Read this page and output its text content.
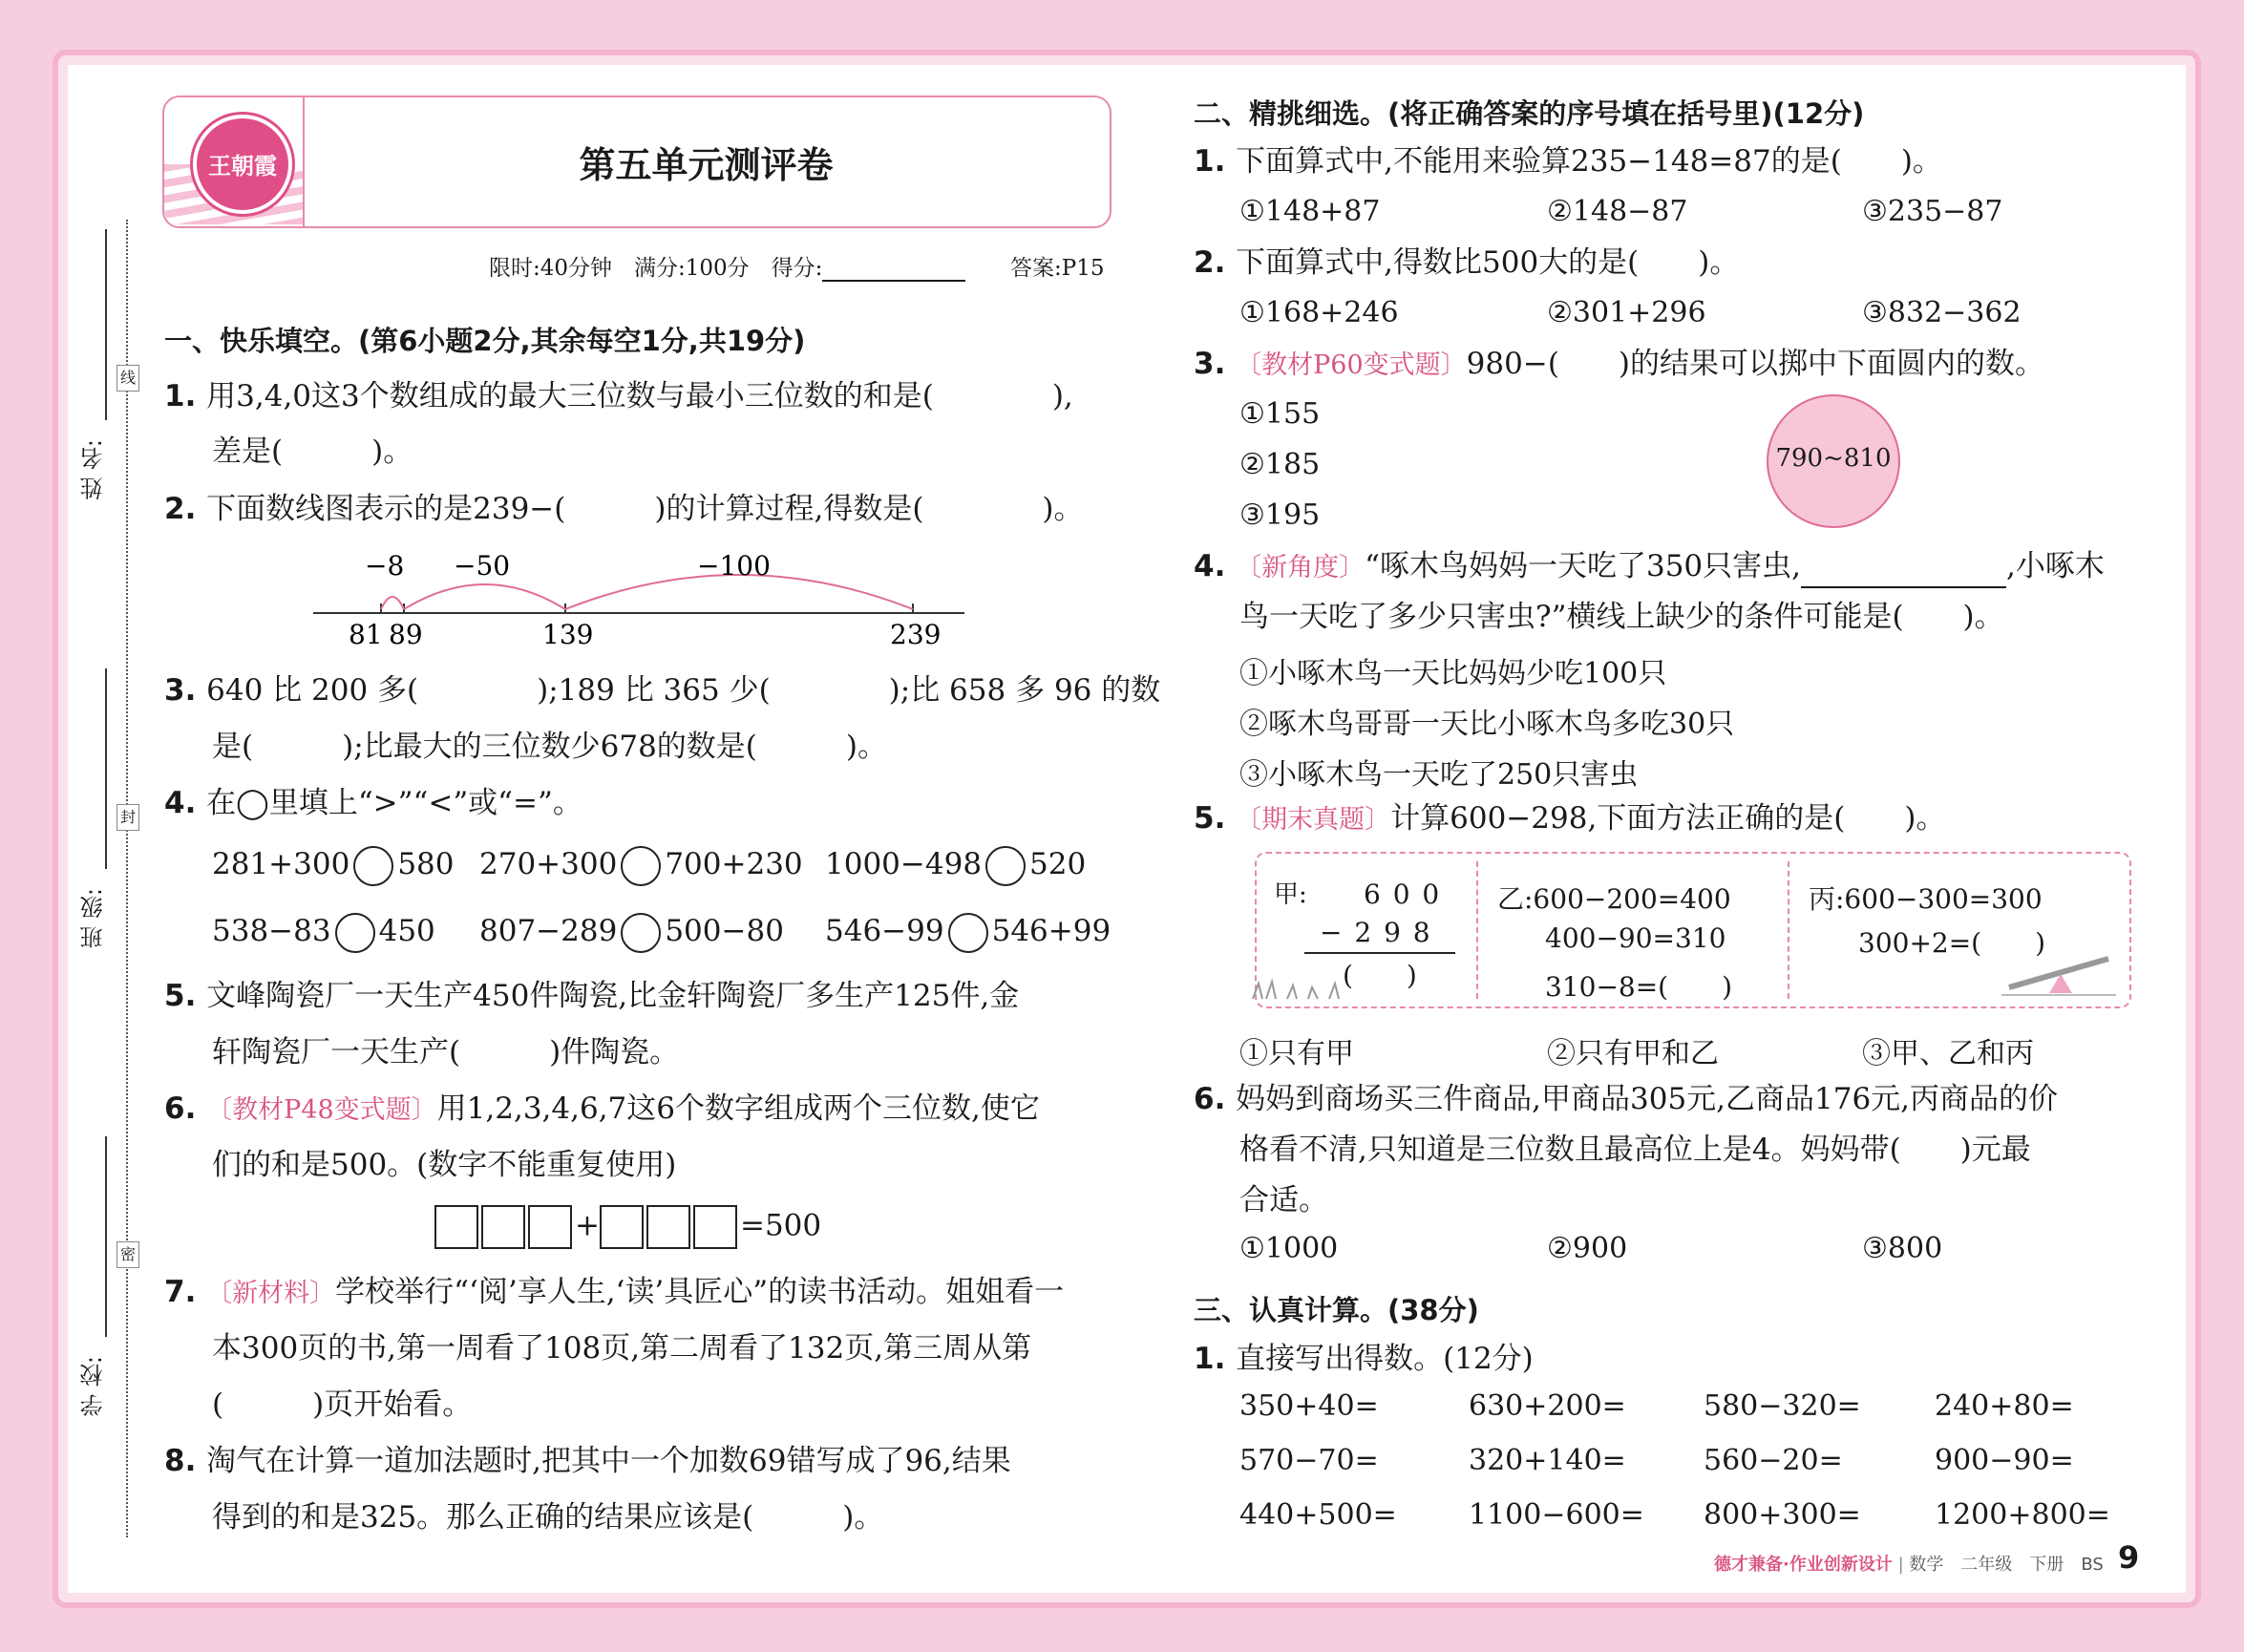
姓 名:
班 级:
学 校:
线
封
密
王朝霞	第五单元测评卷
限时:40分钟　满分:100分　得分:	答案:P15
一、快乐填空。(第6小题2分,其余每空1分,共19分)
1. 用3,4,0这3个数组成的最大三位数与最小三位数的和是(　　　　),
差是(　　　)。
2. 下面数线图表示的是239−(　　　)的计算过程,得数是(　　　　)。
−8 −50	−100
81 89	139	239
3. 640 比 200 多(　　　　);189 比 365 少(　　　　);比 658 多 96 的数
是(　　　);比最大的三位数少678的数是(　　　)。
4. 在◯里填上“>”“<”或“=”。
281+300 580 270+300 700+230 1000−498 520
538−83 450 807−289 500−80 546−99 546+99
5. 文峰陶瓷厂一天生产450件陶瓷,比金轩陶瓷厂多生产125件,金
轩陶瓷厂一天生产(　　　)件陶瓷。
6. 〔教材P48变式题〕用1,2,3,4,6,7这6个数字组成两个三位数,使它
们的和是500。(数字不能重复使用)
+	=500
7. 〔新材料〕学校举行“‘阅’享人生,‘读’具匠心”的读书活动。姐姐看一
本300页的书,第一周看了108页,第二周看了132页,第三周从第
(　　　)页开始看。
8. 淘气在计算一道加法题时,把其中一个加数69错写成了96,结果
得到的和是325。那么正确的结果应该是(　　　)。
二、精挑细选。(将正确答案的序号填在括号里)(12分)
1. 下面算式中,不能用来验算235−148=87的是(　　)。
①148+87	②148−87	③235−87
2. 下面算式中,得数比500大的是(　　)。
①168+246	②301+296	③832−362
3. 〔教材P60变式题〕980−(　　)的结果可以掷中下面圆内的数。
①155
②185
③195
790~810
4. 〔新角度〕“啄木鸟妈妈一天吃了350只害虫,	,小啄木
鸟一天吃了多少只害虫?”横线上缺少的条件可能是(　　)。
①小啄木鸟一天比妈妈少吃100只
②啄木鸟哥哥一天比小啄木鸟多吃30只
③小啄木鸟一天吃了250只害虫
5. 〔期末真题〕计算600−298,下面方法正确的是(　　)。
甲: 6 0 0
− 2 9 8
(　　)
乙:600−200=400
400−90=310
310−8=(　　)
丙:600−300=300
300+2=(　　)
①只有甲	②只有甲和乙	③甲、乙和丙
6. 妈妈到商场买三件商品,甲商品305元,乙商品176元,丙商品的价
格看不清,只知道是三位数且最高位上是4。妈妈带(　　)元最
合适。
①1000	②900	③800
三、认真计算。(38分)
1. 直接写出得数。(12分)
350+40=	630+200=	580−320=	240+80=
570−70=	320+140=	560−20=	900−90=
440+500=	1100−600= 800+300=	1200+800=
德才兼备·作业创新设计 | 数学　二年级　下册　BS 9
